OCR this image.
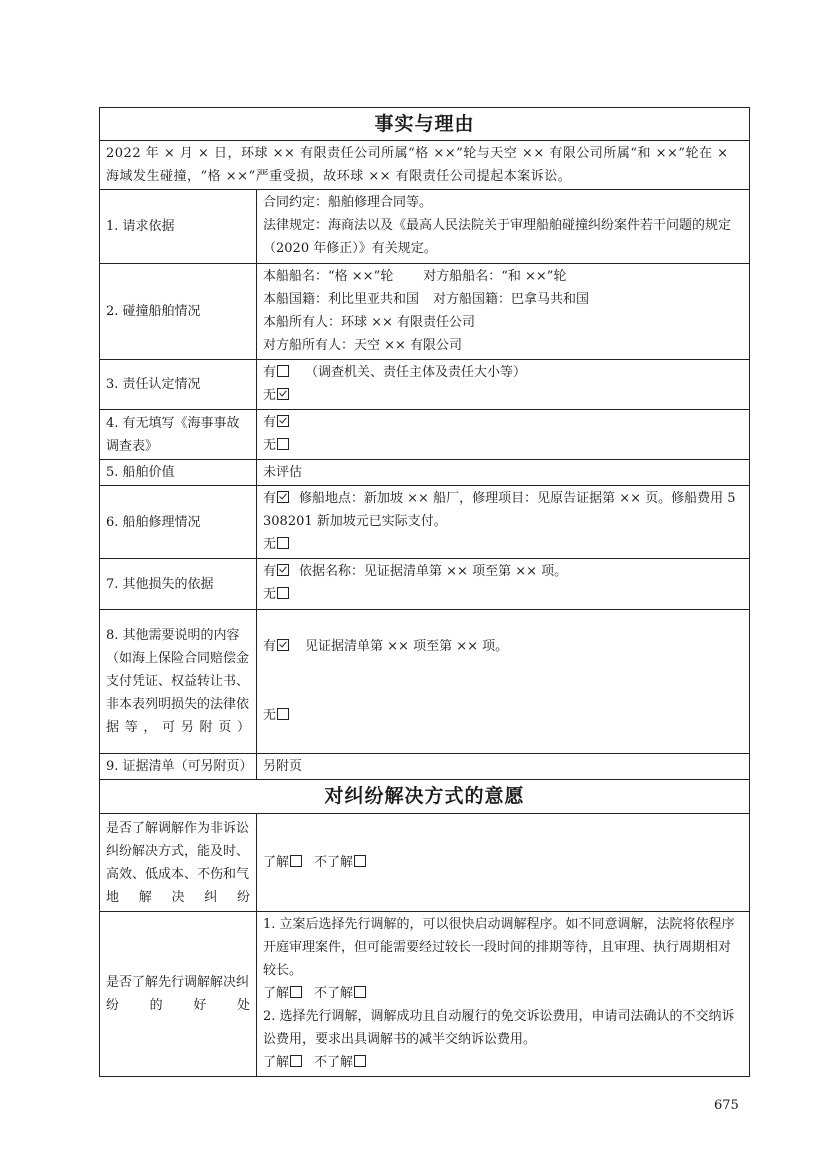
事实与理由	
2022 年 × 月 × 日，环球 ×× 有限责任公司所属“格 ××”轮与天空 ×× 有限公司所属“和 ××”轮在 × 海域发生碰撞，“格 ××”严重受损，故环球 ×× 有限责任公司提起本案诉讼。	
1. 请求依据	合同约定：船舶修理合同等。
法律规定：海商法以及《最高人民法院关于审理船舶碰撞纠纷案件若干问题的规定（2020 年修正）》有关规定。

2. 碰撞船舶情况	本船船名：“格 ××”轮 对方船船名：“和 ××”轮
本船国籍：利比里亚共和国 对方船国籍：巴拿马共和国
本船所有人：环球 ×× 有限责任公司
对方船所有人：天空 ×× 有限公司

3. 责任认定情况	有 （调查机关、责任主体及责任大小等）
无

4. 有无填写《海事事故调查表》	有
无

5. 船舶价值	未评估
6. 船舶修理情况	有 修船地点：新加坡 ×× 船厂，修理项目：见原告证据第 ×× 页。修船费用 5308201 新加坡元已实际支付。
无

7. 其他损失的依据	有 依据名称：见证据清单第 ×× 项至第 ×× 项。
无

8. 其他需要说明的内容（如海上保险合同赔偿金支付凭证、权益转让书、非本表列明损失的法律依据等，可另附页）	有 见证据清单第 ×× 项至第 ×× 项。
无

9. 证据清单（可另附页）	另附页
对纠纷解决方式的意愿	
是否了解调解作为非诉讼纠纷解决方式，能及时、高效、低成本、不伤和气地解决纠纷	了解 不了解
是否了解先行调解解决纠纷的好处	1. 立案后选择先行调解的，可以很快启动调解程序。如不同意调解，法院将依程序开庭审理案件，但可能需要经过较长一段时间的排期等待，且审理、执行周期相对较长。
了解 不了解
2. 选择先行调解，调解成功且自动履行的免交诉讼费用，申请司法确认的不交纳诉讼费用，要求出具调解书的减半交纳诉讼费用。
了解 不了解
675
